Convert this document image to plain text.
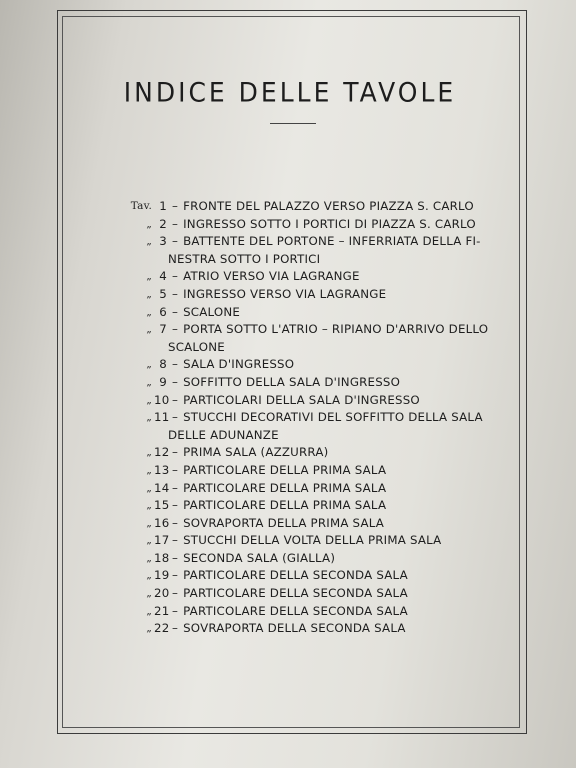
INDICE DELLE TAVOLE
Tav. 1 – FRONTE DEL PALAZZO VERSO PIAZZA S. CARLO
„ 2 – INGRESSO SOTTO I PORTICI DI PIAZZA S. CARLO
„ 3 – BATTENTE DEL PORTONE – INFERRIATA DELLA FI-
NESTRA SOTTO I PORTICI
„ 4 – ATRIO VERSO VIA LAGRANGE
„ 5 – INGRESSO VERSO VIA LAGRANGE
„ 6 – SCALONE
„ 7 – PORTA SOTTO L'ATRIO – RIPIANO D'ARRIVO DELLO
SCALONE
„ 8 – SALA D'INGRESSO
„ 9 – SOFFITTO DELLA SALA D'INGRESSO
„ 10 – PARTICOLARI DELLA SALA D'INGRESSO
„ 11 – STUCCHI DECORATIVI DEL SOFFITTO DELLA SALA
DELLE ADUNANZE
„ 12 – PRIMA SALA (AZZURRA)
„ 13 – PARTICOLARE DELLA PRIMA SALA
„ 14 – PARTICOLARE DELLA PRIMA SALA
„ 15 – PARTICOLARE DELLA PRIMA SALA
„ 16 – SOVRAPORTA DELLA PRIMA SALA
„ 17 – STUCCHI DELLA VOLTA DELLA PRIMA SALA
„ 18 – SECONDA SALA (GIALLA)
„ 19 – PARTICOLARE DELLA SECONDA SALA
„ 20 – PARTICOLARE DELLA SECONDA SALA
„ 21 – PARTICOLARE DELLA SECONDA SALA
„ 22 – SOVRAPORTA DELLA SECONDA SALA
